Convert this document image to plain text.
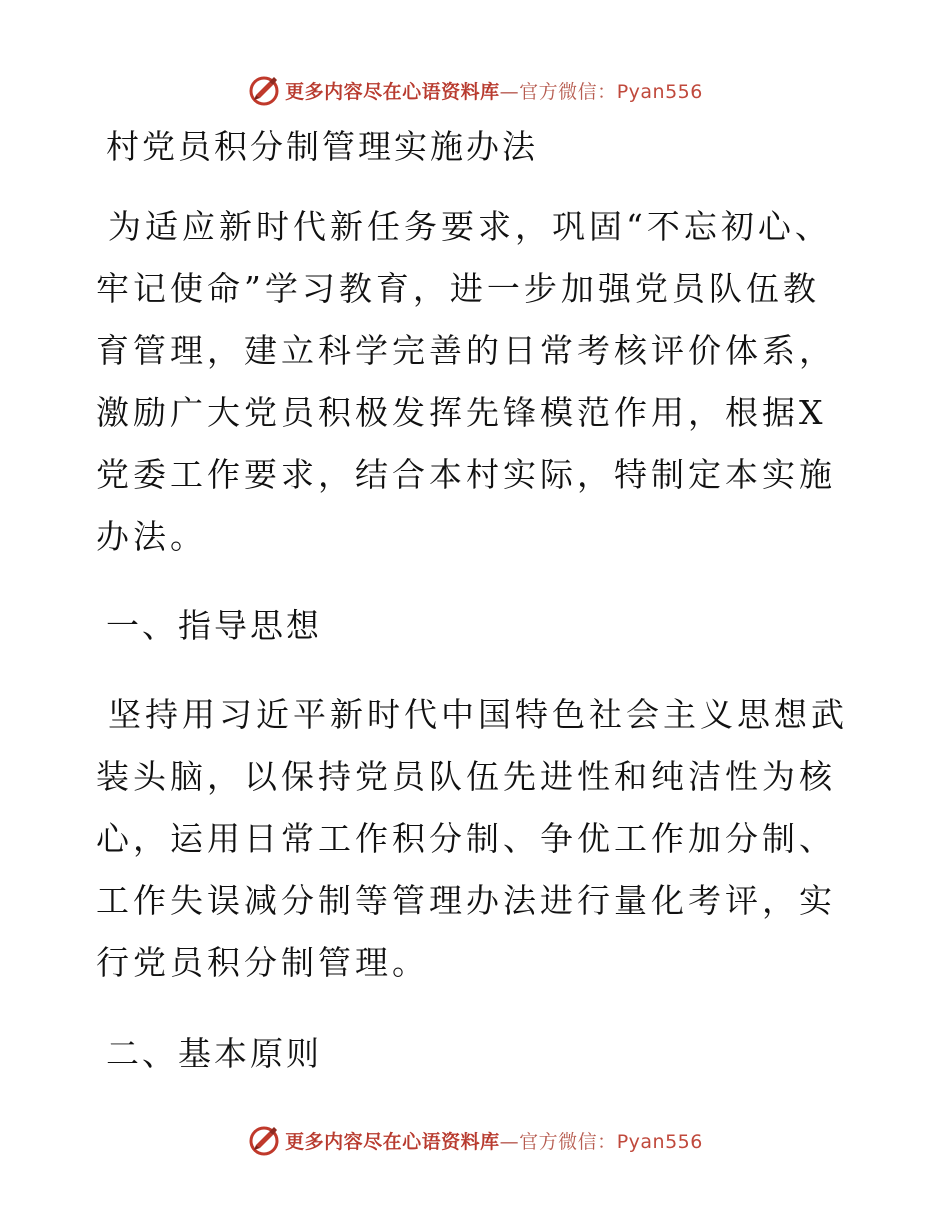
更多内容尽在心语资料库—官方微信：Pyan556
村党员积分制管理实施办法

为适应新时代新任务要求，巩固“不忘初心、牢记使命”学习教育，进一步加强党员队伍教育管理，建立科学完善的日常考核评价体系，激励广大党员积极发挥先锋模范作用，根据X党委工作要求，结合本村实际，特制定本实施办法。

一、指导思想

坚持用习近平新时代中国特色社会主义思想武装头脑，以保持党员队伍先进性和纯洁性为核心，运用日常工作积分制、争优工作加分制、工作失误减分制等管理办法进行量化考评，实行党员积分制管理。

二、基本原则
更多内容尽在心语资料库—官方微信：Pyan556
